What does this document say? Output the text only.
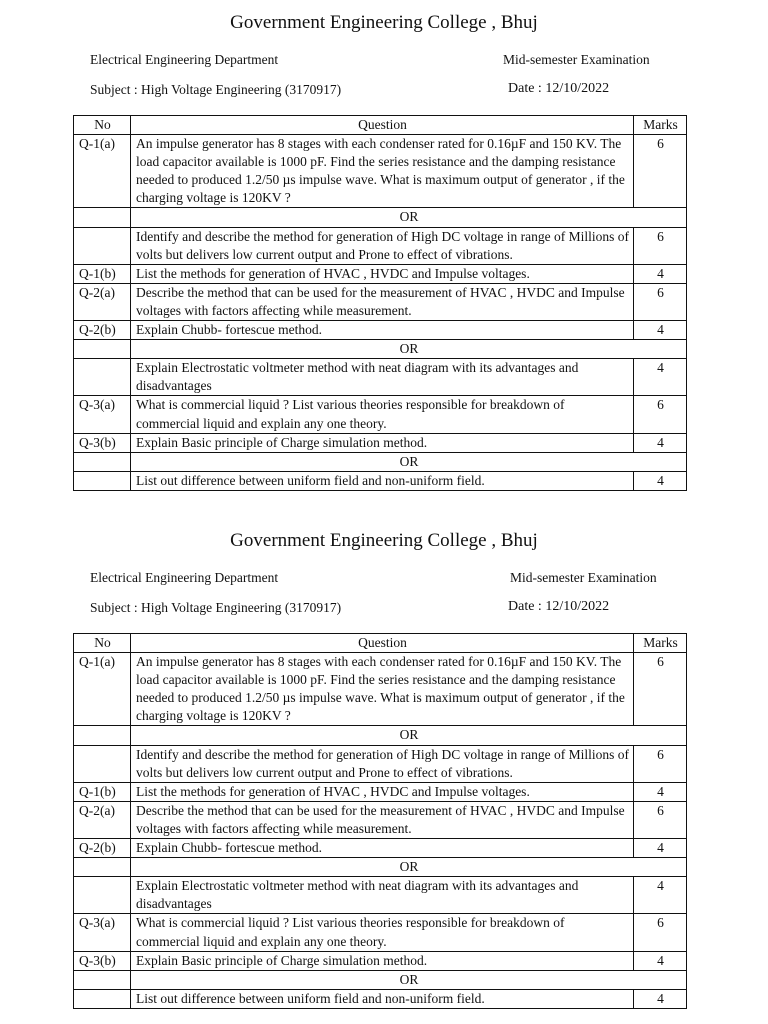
Government Engineering College , Bhuj
Electrical Engineering Department	Mid-semester Examination
Subject : High Voltage Engineering (3170917)	Date : 12/10/2022
No	Question	Marks
Q-1(a)	An impulse generator has 8 stages with each condenser rated for 0.16µF and 150 KV. The load capacitor available is 1000 pF. Find the series resistance and the damping resistance needed to produced 1.2/50 µs impulse wave. What is maximum output of generator , if the charging voltage is 120KV ?	6
	OR	
	Identify and describe the method for generation of High DC voltage in range of Millions of volts but delivers low current output and Prone to effect of vibrations.	6
Q-1(b)	List the methods for generation of HVAC , HVDC and Impulse voltages.	4
Q-2(a)	Describe the method that can be used for the measurement of HVAC , HVDC and Impulse voltages with factors affecting while measurement.	6
Q-2(b)	Explain Chubb- fortescue method.	4
	OR	
	Explain Electrostatic voltmeter method with neat diagram with its advantages and disadvantages	4
Q-3(a)	What is commercial liquid ? List various theories responsible for breakdown of commercial liquid and explain any one theory.	6
Q-3(b)	Explain Basic principle of Charge simulation method.	4
	OR	
	List out difference between uniform field and non-uniform field.	4
Government Engineering College , Bhuj
Electrical Engineering Department	Mid-semester Examination
Subject : High Voltage Engineering (3170917)	Date : 12/10/2022
No	Question	Marks
Q-1(a)	An impulse generator has 8 stages with each condenser rated for 0.16µF and 150 KV. The load capacitor available is 1000 pF. Find the series resistance and the damping resistance needed to produced 1.2/50 µs impulse wave. What is maximum output of generator , if the charging voltage is 120KV ?	6
	OR	
	Identify and describe the method for generation of High DC voltage in range of Millions of volts but delivers low current output and Prone to effect of vibrations.	6
Q-1(b)	List the methods for generation of HVAC , HVDC and Impulse voltages.	4
Q-2(a)	Describe the method that can be used for the measurement of HVAC , HVDC and Impulse voltages with factors affecting while measurement.	6
Q-2(b)	Explain Chubb- fortescue method.	4
	OR	
	Explain Electrostatic voltmeter method with neat diagram with its advantages and disadvantages	4
Q-3(a)	What is commercial liquid ? List various theories responsible for breakdown of commercial liquid and explain any one theory.	6
Q-3(b)	Explain Basic principle of Charge simulation method.	4
	OR	
	List out difference between uniform field and non-uniform field.	4
